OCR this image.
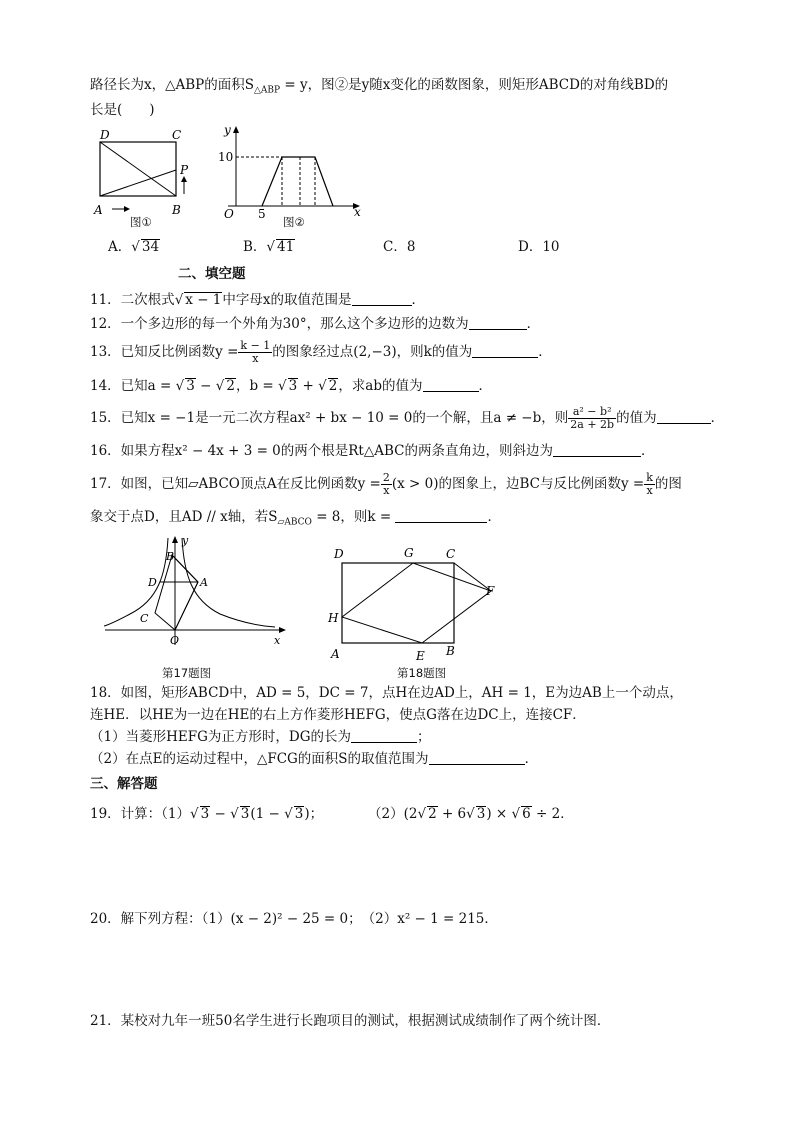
路径长为x，△ABP的面积$S_{\triangle ABP} = y$，图②是y随x变化的函数图象，则矩形ABCD的对角线BD的
长是(　　)
D	C
P
A	B
图①
y
10
O 5	x
图②
A．√ 34	B．√ 41	C．8	D．10
二、填空题
11．二次根式√ x − 1中字母x的取值范围是	．
12．一个多边形的每一个外角为30°，那么这个多边形的边数为	．
13．已知反比例函数$y = \frac{k - 1}{x}$ 的图象经过点(2,−3)，则k的值为	．
14．已知a = √ 3 − √ 2，b = √ 3 + √ 2，求ab的值为	．
15．已知x = −1是一元二次方程ax² + bx − 10 = 0的一个解，且a ≠ −b，则 $\frac{\text{a² − b²}}{2a + 2b}$ 的值为	．
16．如果方程x² − 4x + 3 = 0的两个根是Rt△ABC的两条直角边，则斜边为	．
17．如图，已知▱ABCO顶点A在反比例函数$y = \frac{2}{x} (x > 0)$的图象上，边BC与反比例函数$y = \frac{k}{x}$ 的图
象交于点D，且AD // x轴，若$S_{▱ABCO} = 8$，则k =	．
y
B
D	A
C
O	x
第17题图
D	G	C
F
H
A	E B
第18题图
18．如图，矩形ABCD中，AD = 5，DC = 7，点H在边AD上，AH = 1，E为边AB上一个动点，
连HE．以HE为一边在HE的右上方作菱形HEFG，使点G落在边DC上，连接CF．
（1）当菱形HEFG为正方形时，DG的长为	；
（2）在点E的运动过程中，△FCG的面积S的取值范围为	．
三、解答题
19．计算：（1）√ 3 − √ 3(1 − √ 3)；	（2）(2√ 2 + 6√ 3) × √ 6 ÷ 2．
20．解下列方程：（1）(x − 2)² − 25 = 0；　（2）x² − 1 = 215．
21．某校对九年一班50名学生进行长跑项目的测试，根据测试成绩制作了两个统计图．
